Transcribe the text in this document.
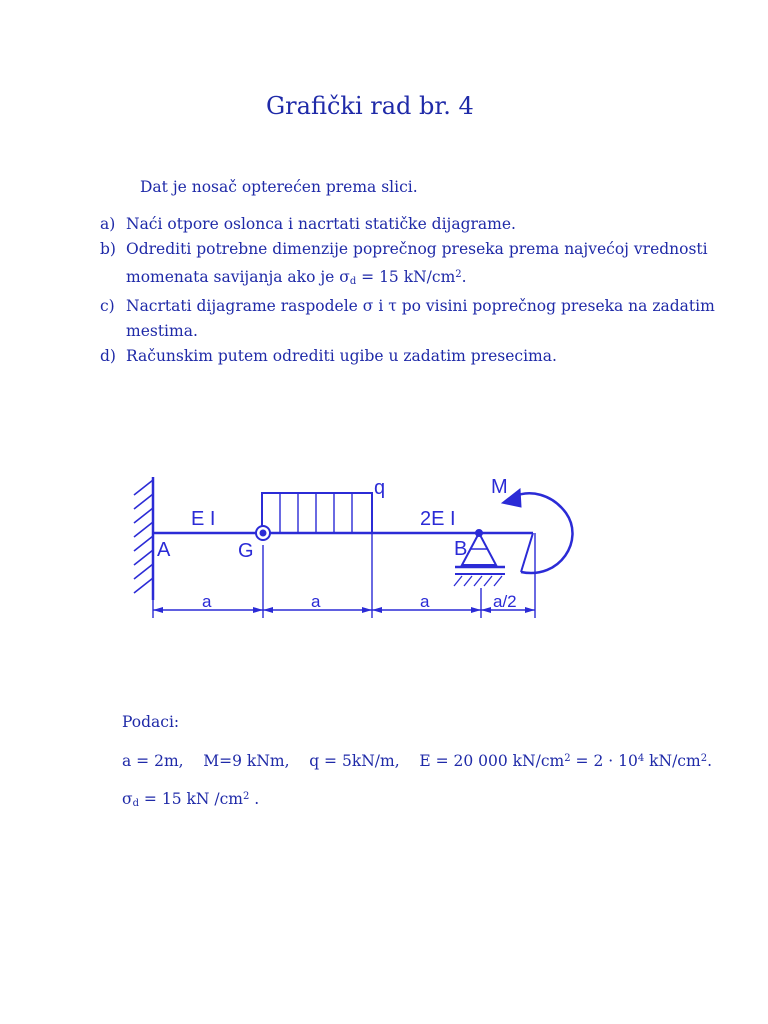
Grafički rad br. 4
Dat je nosač opterećen prema slici.
a) Naći otpore oslonca i nacrtati statičke dijagrame.
b) Odrediti potrebne dimenzije poprečnog preseka prema najvećoj vrednosti momenata savijanja ako je $\sigma_d = 15$ $kN/cm^2$.
c) Nacrtati dijagrame raspodele σ i τ po visini poprečnog preseka na zadatim mestima.
d) Računskim putem odrediti ugibe u zadatim presecima.
A	G	B
E I	2E I
q	M
a	a	a	a/2
Podaci:
a = 2m,    M=9 kNm,    q = 5kN/m,    E = 20 000 $kN/cm^2 = 2 \cdot 10^4$ $kN/cm^2$.
$\sigma_d = 15$ kN $/cm^2$ .
